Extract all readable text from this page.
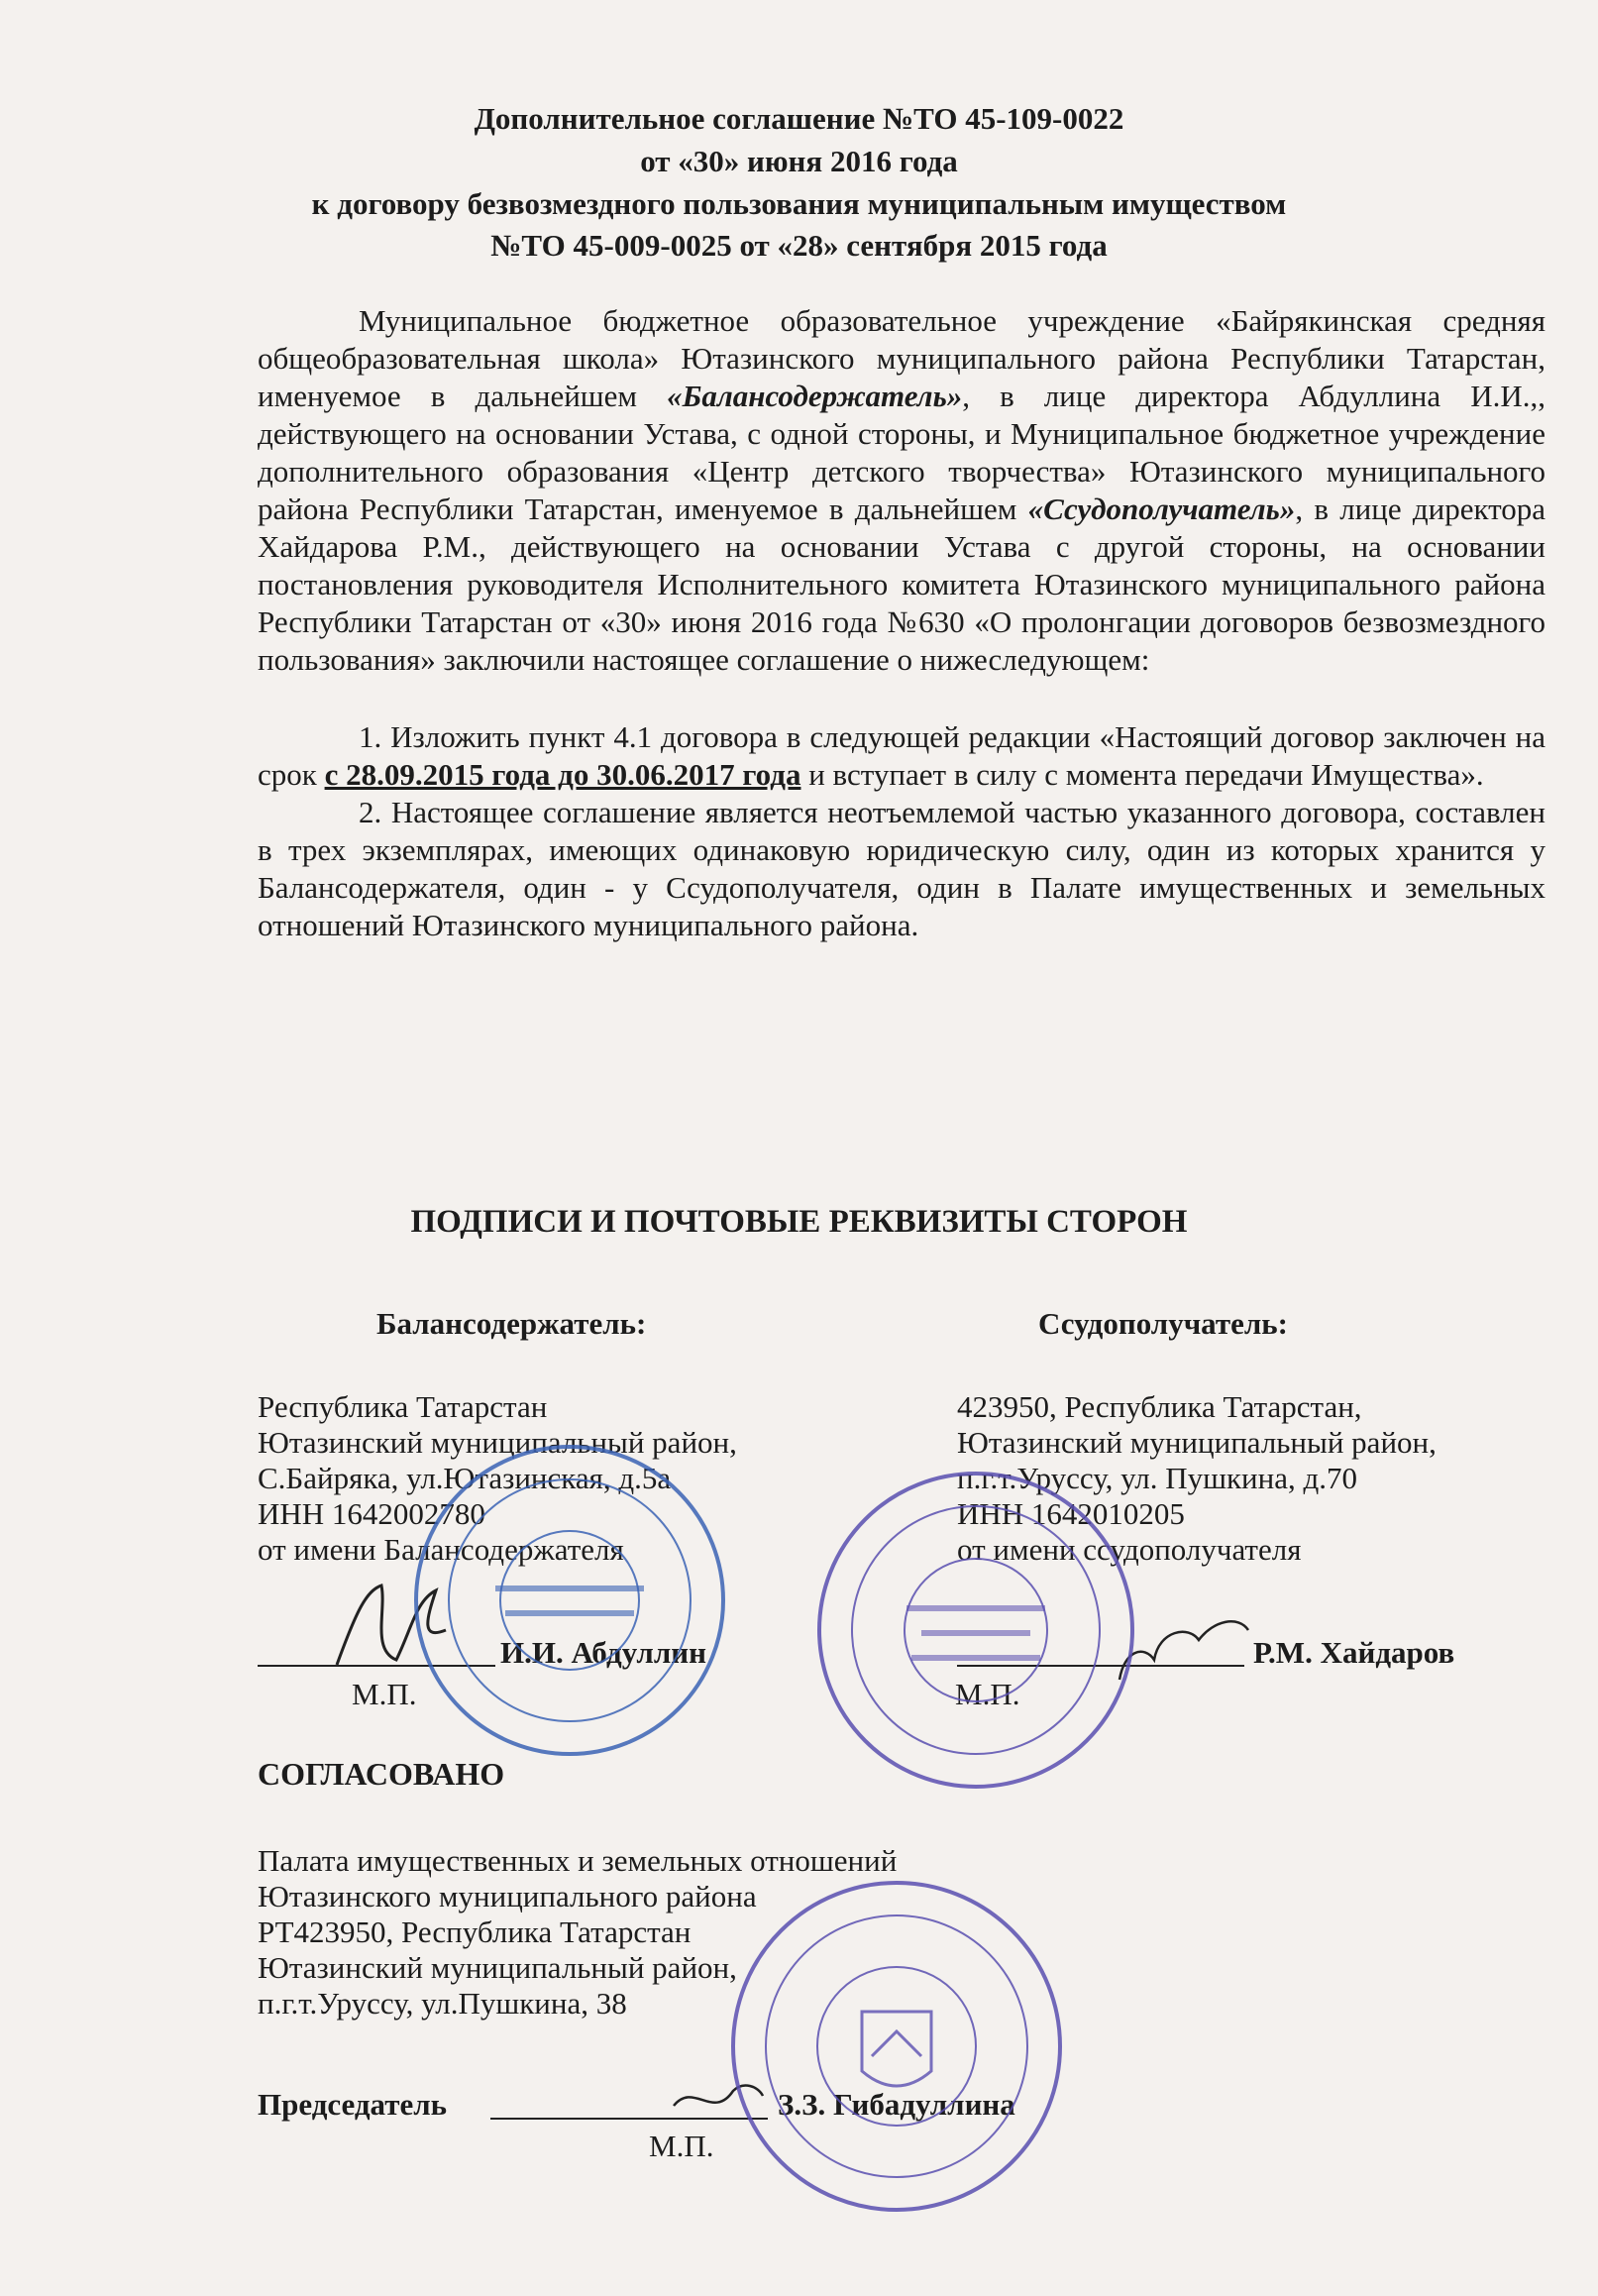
Дополнительное соглашение №ТО 45-109-0022
от «30» июня 2016 года
к договору безвозмездного пользования муниципальным имуществом
№ТО 45-009-0025 от «28» сентября 2015 года

Муниципальное бюджетное образовательное учреждение «Байрякинская средняя общеобразовательная школа» Ютазинского муниципального района Республики Татарстан, именуемое в дальнейшем «Балансодержатель», в лице директора Абдуллина И.И.,, действующего на основании Устава, с одной стороны, и Муниципальное бюджетное учреждение дополнительного образования «Центр детского творчества» Ютазинского муниципального района Республики Татарстан, именуемое в дальнейшем «Ссудополучатель», в лице директора Хайдарова Р.М., действующего на основании Устава с другой стороны, на основании постановления руководителя Исполнительного комитета Ютазинского муниципального района Республики Татарстан от «30» июня 2016 года №630 «О пролонгации договоров безвозмездного пользования» заключили настоящее соглашение о нижеследующем:

1. Изложить пункт 4.1 договора в следующей редакции «Настоящий договор заключен на срок с 28.09.2015 года до 30.06.2017 года и вступает в силу с момента передачи Имущества».

2. Настоящее соглашение является неотъемлемой частью указанного договора, составлен в трех экземплярах, имеющих одинаковую юридическую силу, один из которых хранится у Балансодержателя, один - у Ссудополучателя, один в Палате имущественных и земельных отношений Ютазинского муниципального района.

ПОДПИСИ И ПОЧТОВЫЕ РЕКВИЗИТЫ СТОРОН
Балансодержатель:
Республика Татарстан
Ютазинский муниципальный район,
С.Байряка, ул.Ютазинская, д.5а
ИНН 1642002780
от имени Балансодержателя
Ссудополучатель:
423950, Республика Татарстан,
Ютазинский муниципальный район,
п.г.т.Уруссу, ул. Пушкина, д.70
ИНН 1642010205
от имени ссудополучателя
И.И. Абдуллин
М.П.
Р.М. Хайдаров
М.П.
СОГЛАСОВАНО
Палата имущественных и земельных отношений
Ютазинского муниципального района
РТ423950, Республика Татарстан
Ютазинский муниципальный район,
п.г.т.Уруссу, ул.Пушкина, 38
Председатель	З.З. Гибадуллина
М.П.
